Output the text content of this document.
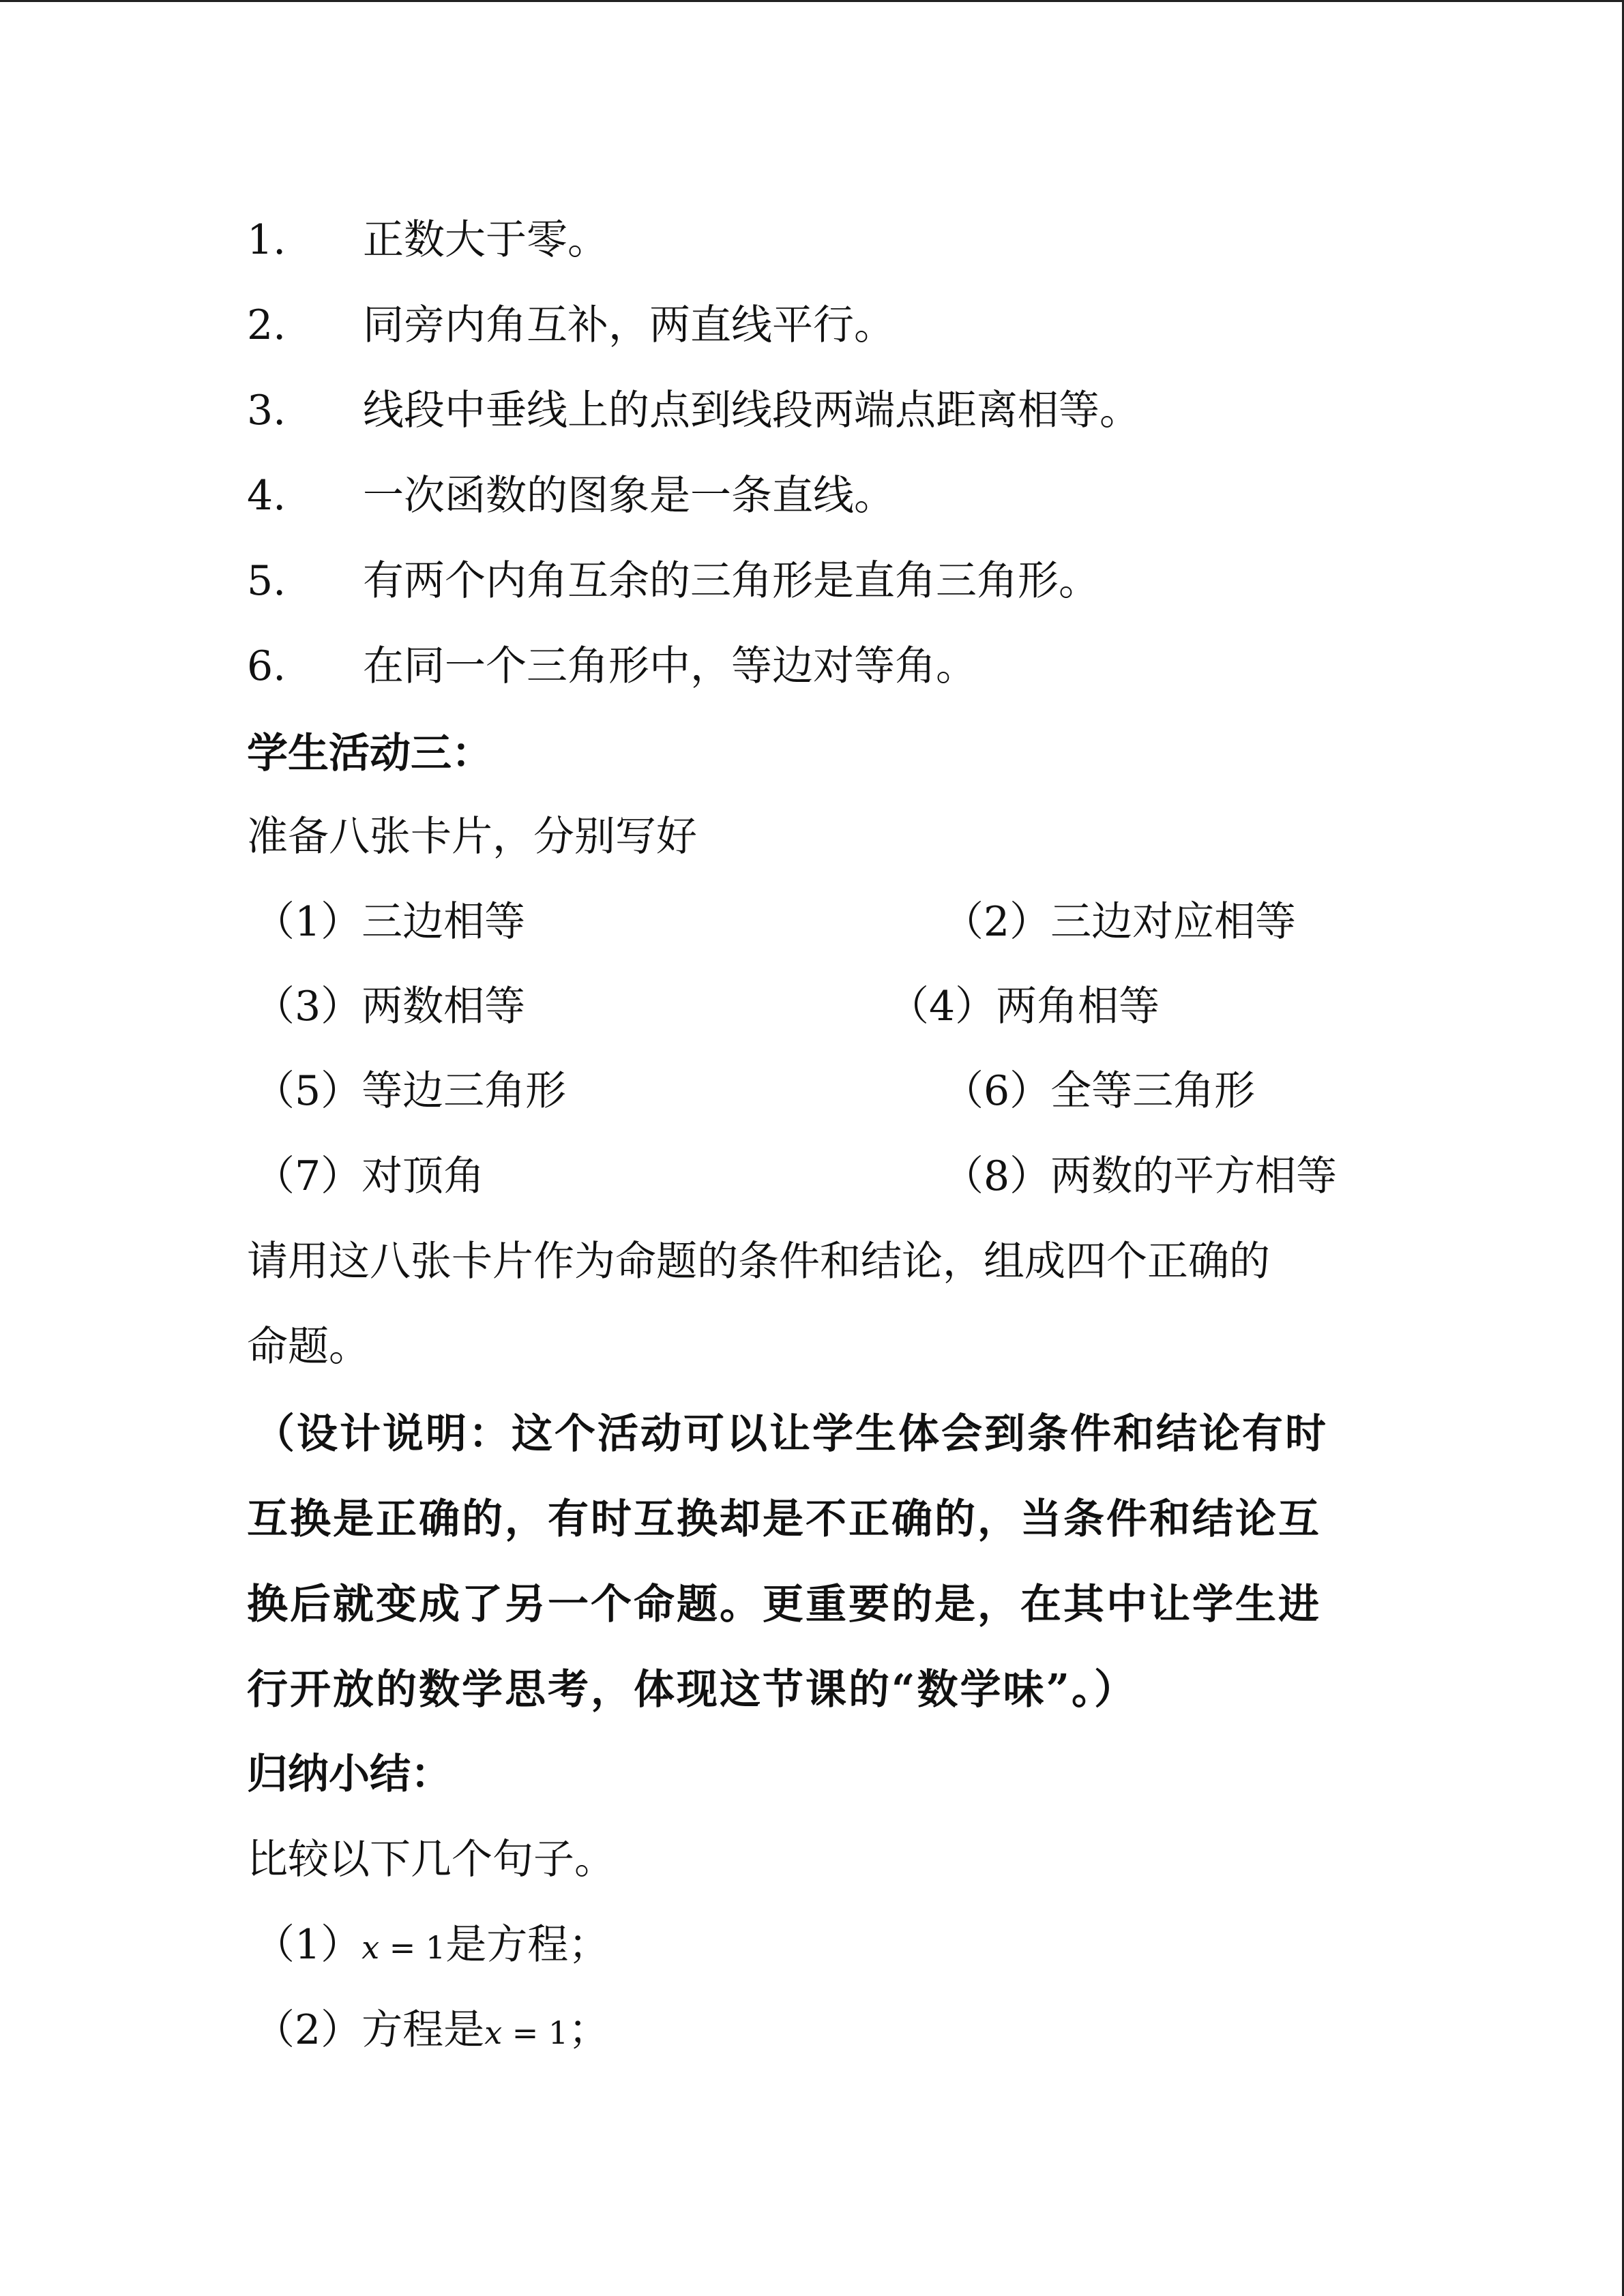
1. 正数大于零。
2. 同旁内角互补，两直线平行。
3. 线段中垂线上的点到线段两端点距离相等。
4. 一次函数的图象是一条直线。
5. 有两个内角互余的三角形是直角三角形。
6. 在同一个三角形中，等边对等角。
学生活动三：
准备八张卡片，分别写好
（1）三边相等	（2）三边对应相等
（3）两数相等	（4）两角相等
（5）等边三角形	（6）全等三角形
（7）对顶角	（8）两数的平方相等
请用这八张卡片作为命题的条件和结论，组成四个正确的
命题。
（设计说明：这个活动可以让学生体会到条件和结论有时
互换是正确的，有时互换却是不正确的，当条件和结论互
换后就变成了另一个命题。更重要的是，在其中让学生进
行开放的数学思考，体现这节课的“数学味”。）
归纳小结：
比较以下几个句子。
（1）x = 1是方程；
（2）方程是x = 1；
